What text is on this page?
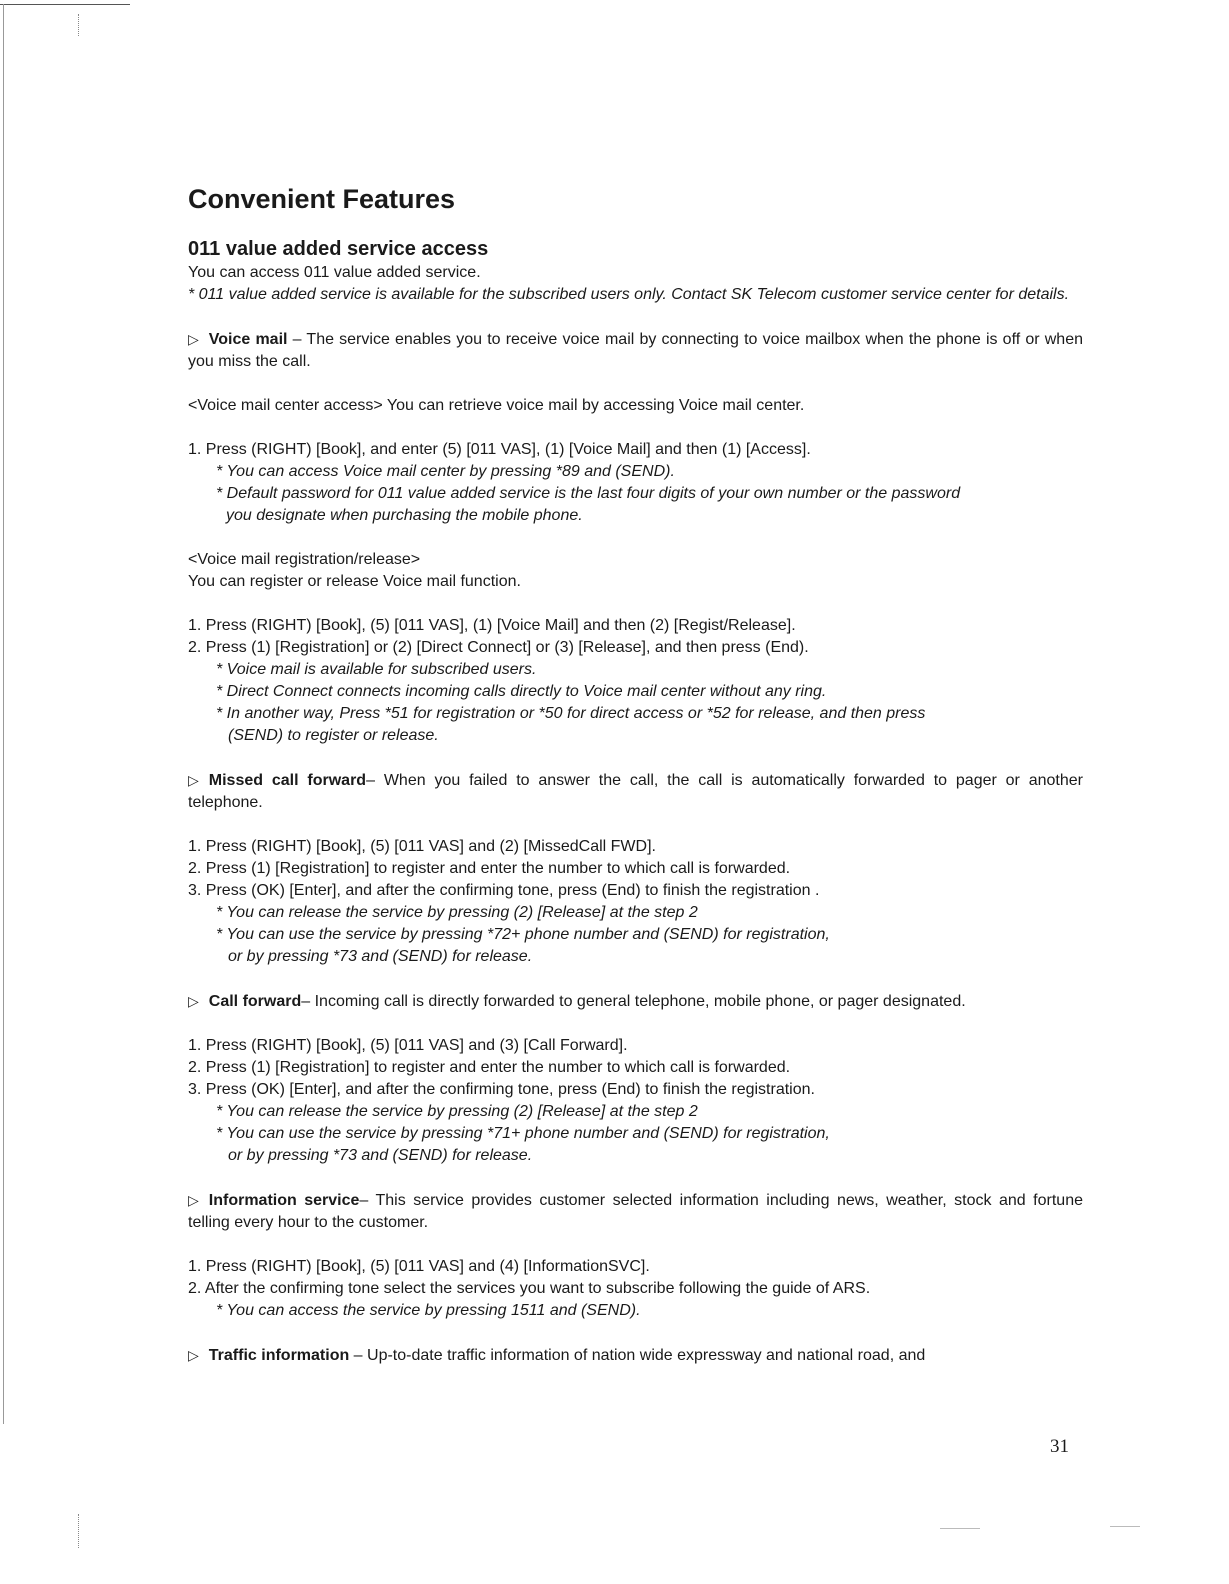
Convenient Features
011 value added service access

You can access 011 value added service.

* 011 value added service is available for the subscribed users only. Contact SK Telecom customer service center for details.

▷ Voice mail – The service enables you to receive voice mail by connecting to voice mailbox when the phone is off or when you miss the call.

<Voice mail center access> You can retrieve voice mail by accessing Voice mail center.

1. Press (RIGHT) [Book], and enter (5) [011 VAS], (1) [Voice Mail] and then (1) [Access].

* You can access Voice mail center by pressing *89 and (SEND).

* Default password for 011 value added service is the last four digits of your own number or the password

you designate when purchasing the mobile phone.

<Voice mail registration/release>

You can register or release Voice mail function.

1. Press (RIGHT) [Book], (5) [011 VAS], (1) [Voice Mail] and then (2) [Regist/Release].

2. Press (1) [Registration] or (2) [Direct Connect] or (3) [Release], and then press (End).

* Voice mail is available for subscribed users.

* Direct Connect connects incoming calls directly to Voice mail center without any ring.

* In another way, Press *51 for registration or *50 for direct access or *52 for release, and then press

(SEND) to register or release.

▷ Missed call forward– When you failed to answer the call, the call is automatically forwarded to pager or another telephone.

1. Press (RIGHT) [Book], (5) [011 VAS] and (2) [MissedCall FWD].

2. Press (1) [Registration] to register and enter the number to which call is forwarded.

3. Press (OK) [Enter], and after the confirming tone, press (End) to finish the registration .

* You can release the service by pressing (2) [Release] at the step 2

* You can use the service by pressing *72+ phone number and (SEND) for registration,

or by pressing *73 and (SEND) for release.

▷ Call forward– Incoming call is directly forwarded to general telephone, mobile phone, or pager designated.

1. Press (RIGHT) [Book], (5) [011 VAS] and (3) [Call Forward].

2. Press (1) [Registration] to register and enter the number to which call is forwarded.

3. Press (OK) [Enter], and after the confirming tone, press (End) to finish the registration.

* You can release the service by pressing (2) [Release] at the step 2

* You can use the service by pressing *71+ phone number and (SEND) for registration,

or by pressing *73 and (SEND) for release.

▷ Information service– This service provides customer selected information including news, weather, stock and fortune telling every hour to the customer.

1. Press (RIGHT) [Book], (5) [011 VAS] and (4) [InformationSVC].

2. After the confirming tone select the services you want to subscribe following the guide of ARS.

* You can access the service by pressing 1511 and (SEND).

▷ Traffic information – Up-to-date traffic information of nation wide expressway and national road, and

31
